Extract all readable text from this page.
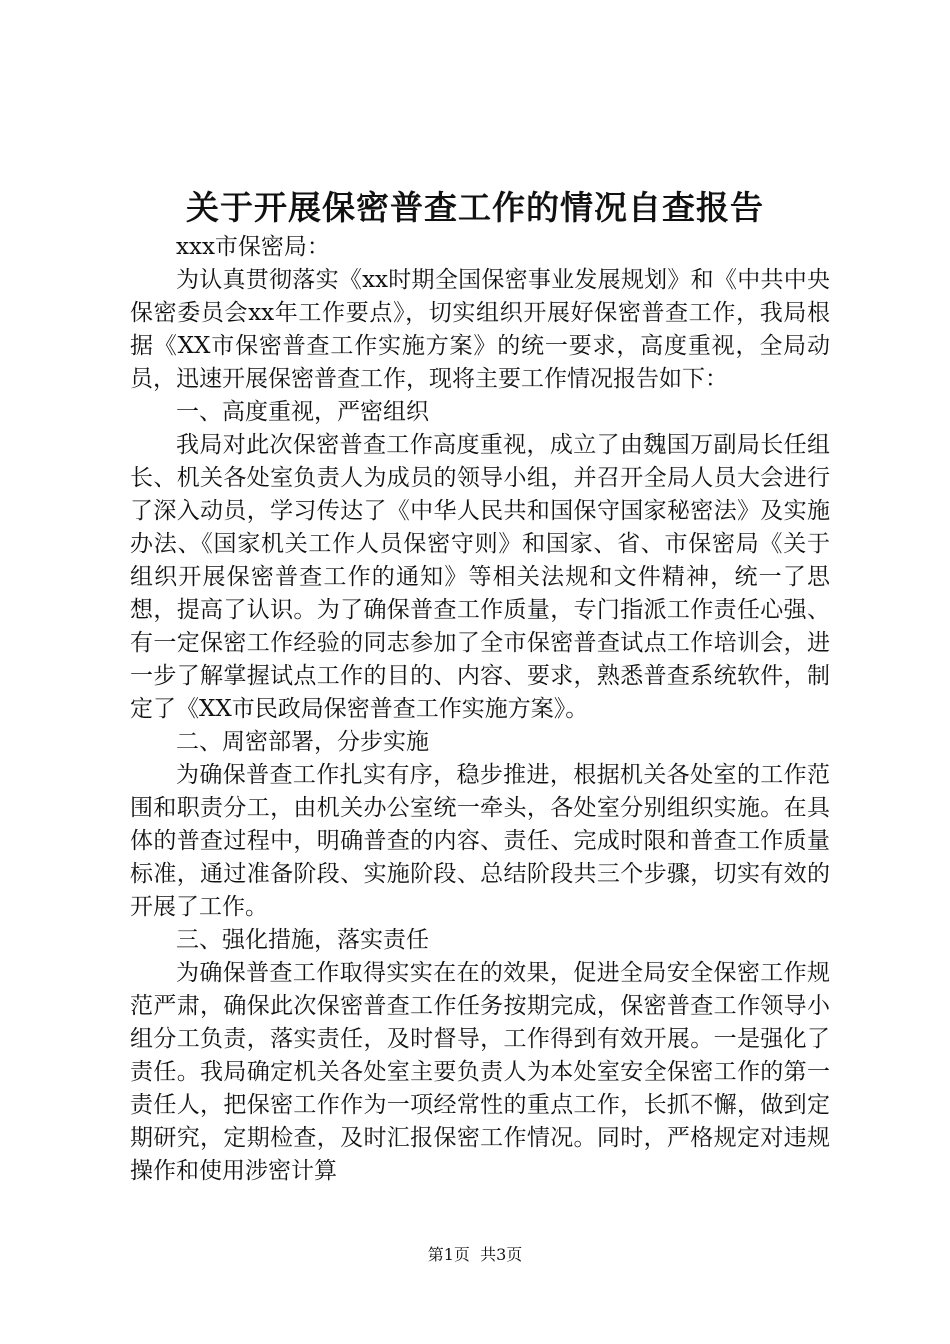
关于开展保密普查工作的情况自查报告

xxx市保密局：

为认真贯彻落实《xx时期全国保密事业发展规划》和《中共中央保密委员会xx年工作要点》，切实组织开展好保密普查工作，我局根据《XX市保密普查工作实施方案》的统一要求，高度重视，全局动员，迅速开展保密普查工作，现将主要工作情况报告如下：

一、高度重视，严密组织

我局对此次保密普查工作高度重视，成立了由魏国万副局长任组长、机关各处室负责人为成员的领导小组，并召开全局人员大会进行了深入动员，学习传达了《中华人民共和国保守国家秘密法》及实施办法、《国家机关工作人员保密守则》和国家、省、市保密局《关于组织开展保密普查工作的通知》等相关法规和文件精神，统一了思想，提高了认识。为了确保普查工作质量，专门指派工作责任心强、有一定保密工作经验的同志参加了全市保密普查试点工作培训会，进一步了解掌握试点工作的目的、内容、要求，熟悉普查系统软件，制定了《XX市民政局保密普查工作实施方案》。

二、周密部署，分步实施

为确保普查工作扎实有序，稳步推进，根据机关各处室的工作范围和职责分工，由机关办公室统一牵头，各处室分别组织实施。在具体的普查过程中，明确普查的内容、责任、完成时限和普查工作质量标准，通过准备阶段、实施阶段、总结阶段共三个步骤，切实有效的开展了工作。

三、强化措施，落实责任

为确保普查工作取得实实在在的效果，促进全局安全保密工作规范严肃，确保此次保密普查工作任务按期完成，保密普查工作领导小组分工负责，落实责任，及时督导，工作得到有效开展。一是强化了责任。我局确定机关各处室主要负责人为本处室安全保密工作的第一责任人，把保密工作作为一项经常性的重点工作，长抓不懈，做到定期研究，定期检查，及时汇报保密工作情况。同时，严格规定对违规操作和使用涉密计算

第1页  共3页
